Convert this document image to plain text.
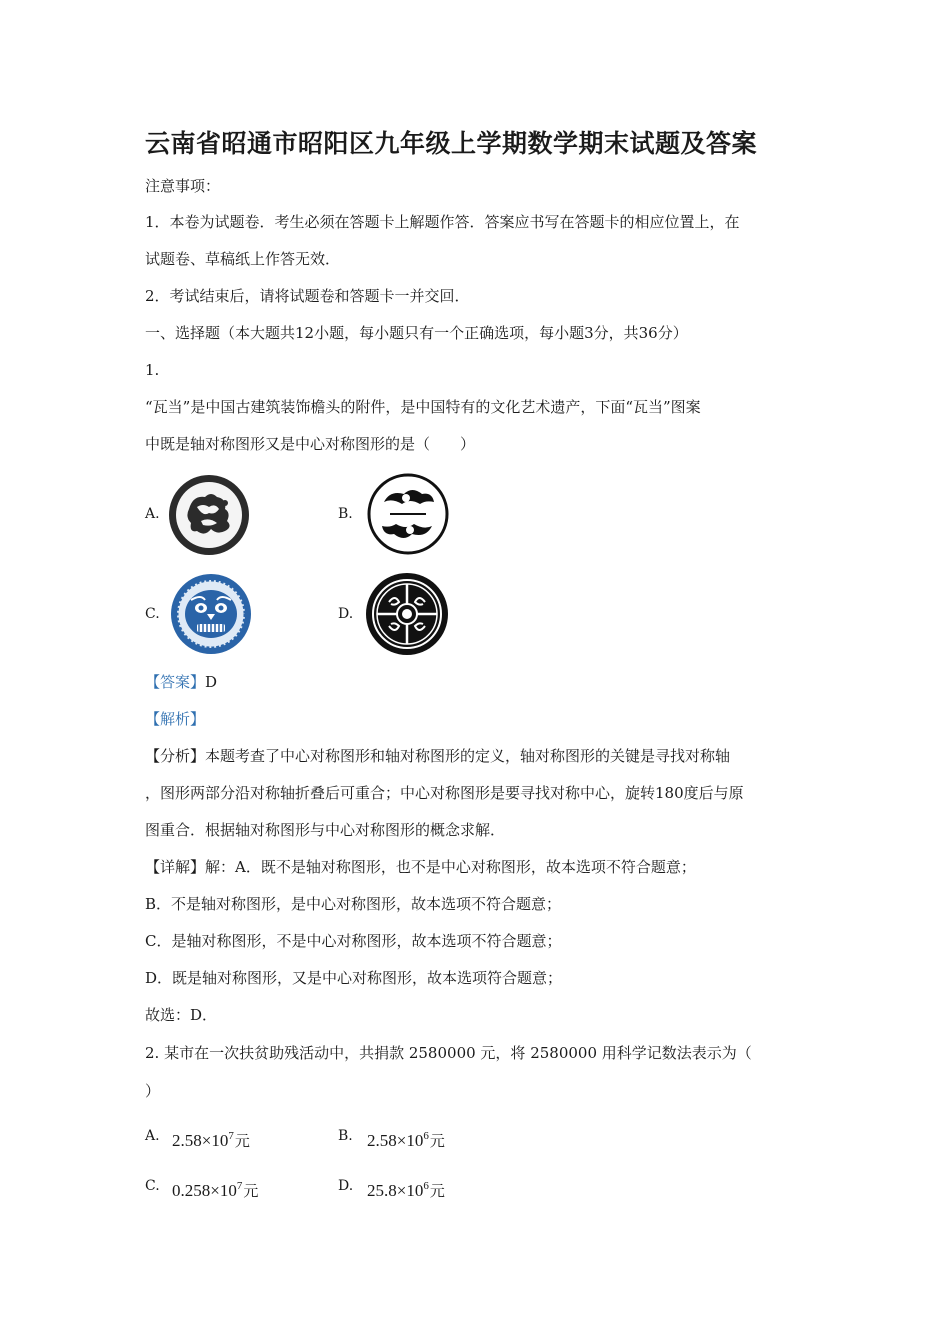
云南省昭通市昭阳区九年级上学期数学期末试题及答案
注意事项：
1．本卷为试题卷．考生必须在答题卡上解题作答．答案应书写在答题卡的相应位置上，在
试题卷、草稿纸上作答无效．
2．考试结束后，请将试题卷和答题卡一并交回．
一、选择题（本大题共12小题，每小题只有一个正确选项，每小题3分，共36分）
1.
“瓦当”是中国古建筑装饰檐头的附件，是中国特有的文化艺术遗产，下面“瓦当”图案
中既是轴对称图形又是中心对称图形的是（　　）
A.	B.
C.	D.
【答案】D
【解析】
【分析】本题考查了中心对称图形和轴对称图形的定义，轴对称图形的关键是寻找对称轴
，图形两部分沿对称轴折叠后可重合；中心对称图形是要寻找对称中心，旋转180度后与原
图重合．根据轴对称图形与中心对称图形的概念求解．
【详解】解：A．既不是轴对称图形，也不是中心对称图形，故本选项不符合题意；
B．不是轴对称图形，是中心对称图形，故本选项不符合题意；
C．是轴对称图形，不是中心对称图形，故本选项不符合题意；
D．既是轴对称图形，又是中心对称图形，故本选项符合题意；
故选：D．
2. 某市在一次扶贫助残活动中，共捐款 2580000 元，将 2580000 用科学记数法表示为（
）
A. $2.58\times 10^7$元	B. $2.58\times 10^6$元
C. $0.258\times 10^7$元	D. $25.8\times 10^6$元
